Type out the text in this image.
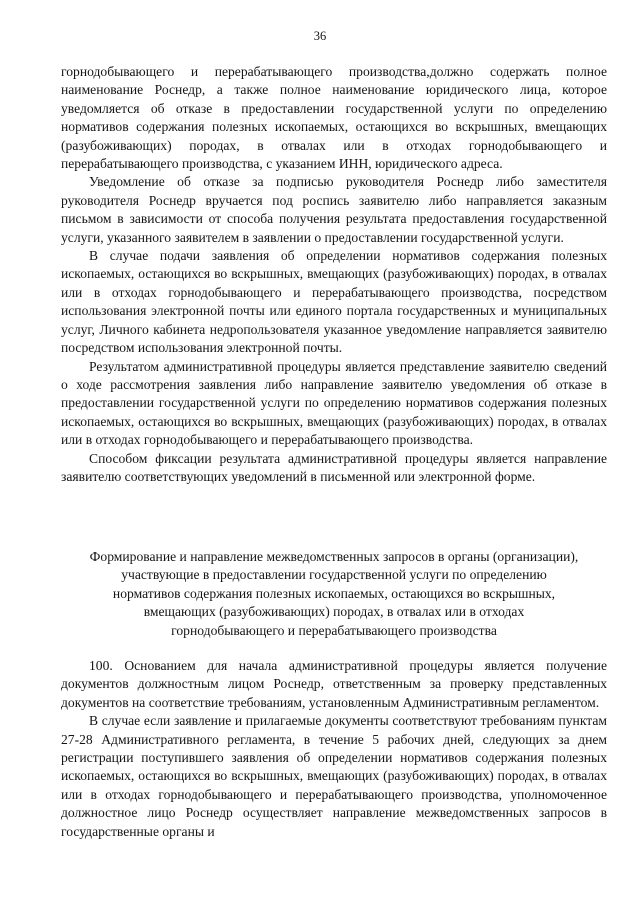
36

горнодобывающего и перерабатывающего производства,должно содержать полное наименование Роснедр, а также полное наименование юридического лица, которое уведомляется об отказе в предоставлении государственной услуги по определению нормативов содержания полезных ископаемых, остающихся во вскрышных, вмещающих (разубоживающих) породах, в отвалах или в отходах горнодобывающего и перерабатывающего производства, с указанием ИНН, юридического адреса.

Уведомление об отказе за подписью руководителя Роснедр либо заместителя руководителя Роснедр вручается под роспись заявителю либо направляется заказным письмом в зависимости от способа получения результата предоставления государственной услуги, указанного заявителем в заявлении о предоставлении государственной услуги.

В случае подачи заявления об определении нормативов содержания полезных ископаемых, остающихся во вскрышных, вмещающих (разубоживающих) породах, в отвалах или в отходах горнодобывающего и перерабатывающего производства, посредством использования электронной почты или единого портала государственных и муниципальных услуг, Личного кабинета недропользователя указанное уведомление направляется заявителю посредством использования электронной почты.

Результатом административной процедуры является представление заявителю сведений о ходе рассмотрения заявления либо направление заявителю уведомления об отказе в предоставлении государственной услуги по определению нормативов содержания полезных ископаемых, остающихся во вскрышных, вмещающих (разубоживающих) породах, в отвалах или в отходах горнодобывающего и перерабатывающего производства.

Способом фиксации результата административной процедуры является направление заявителю соответствующих уведомлений в письменной или электронной форме.

Формирование и направление межведомственных запросов в органы (организации),
участвующие в предоставлении государственной услуги по определению
нормативов содержания полезных ископаемых, остающихся во вскрышных,
вмещающих (разубоживающих) породах, в отвалах или в отходах
горнодобывающего и перерабатывающего производства

100. Основанием для начала административной процедуры является получение документов должностным лицом Роснедр, ответственным за проверку представленных документов на соответствие требованиям, установленным Административным регламентом.

В случае если заявление и прилагаемые документы соответствуют требованиям пунктам 27-28 Административного регламента, в течение 5 рабочих дней, следующих за днем регистрации поступившего заявления об определении нормативов содержания полезных ископаемых, остающихся во вскрышных, вмещающих (разубоживающих) породах, в отвалах или в отходах горнодобывающего и перерабатывающего производства, уполномоченное должностное лицо Роснедр осуществляет направление межведомственных запросов в государственные органы и
